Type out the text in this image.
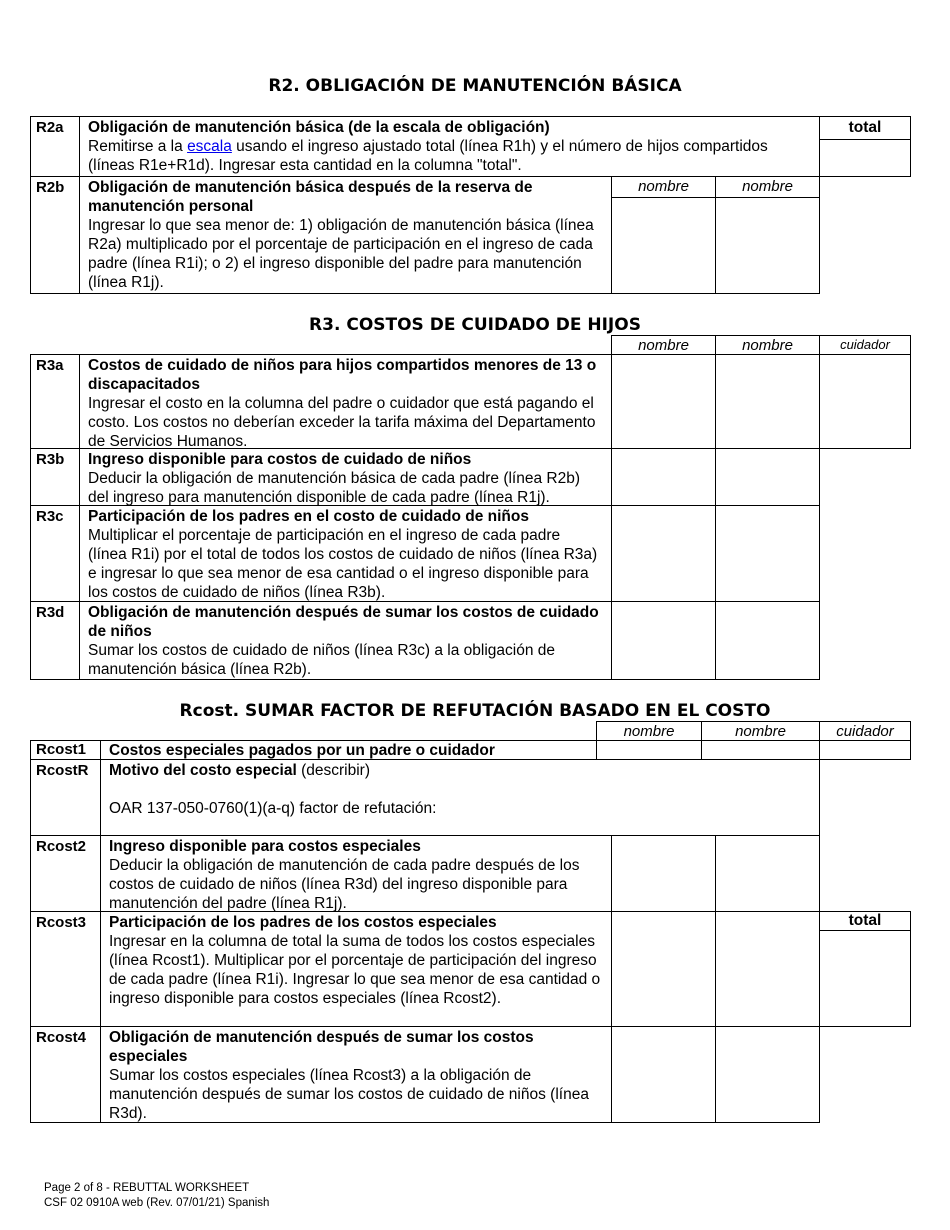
R2. OBLIGACIÓN DE MANUTENCIÓN BÁSICA
R2a	Obligación de manutención básica (de la escala de obligación)
Remitirse a la escala usando el ingreso ajustado total (línea R1h) y el número de hijos compartidos (líneas R1e+R1d). Ingresar esta cantidad en la columna "total".
total
R2b	Obligación de manutención básica después de la reserva de manutención personal
Ingresar lo que sea menor de: 1) obligación de manutención básica (línea R2a) multiplicado por el porcentaje de participación en el ingreso de cada padre (línea R1i); o 2) el ingreso disponible del padre para manutención (línea R1j).
nombre	nombre
R3. COSTOS DE CUIDADO DE HIJOS
nombre	nombre	cuidador
R3a	Costos de cuidado de niños para hijos compartidos menores de 13 o discapacitados
Ingresar el costo en la columna del padre o cuidador que está pagando el costo. Los costos no deberían exceder la tarifa máxima del Departamento de Servicios Humanos.
R3b	Ingreso disponible para costos de cuidado de niños
Deducir la obligación de manutención básica de cada padre (línea R2b) del ingreso para manutención disponible de cada padre (línea R1j).
R3c	Participación de los padres en el costo de cuidado de niños
Multiplicar el porcentaje de participación en el ingreso de cada padre (línea R1i) por el total de todos los costos de cuidado de niños (línea R3a) e ingresar lo que sea menor de esa cantidad o el ingreso disponible para los costos de cuidado de niños (línea R3b).
R3d	Obligación de manutención después de sumar los costos de cuidado de niños
Sumar los costos de cuidado de niños (línea R3c) a la obligación de manutención básica (línea R2b).
Rcost. SUMAR FACTOR DE REFUTACIÓN BASADO EN EL COSTO
nombre	nombre	cuidador
Rcost1	Costos especiales pagados por un padre o cuidador
RcostR	Motivo del costo especial (describir)

OAR 137-050-0760(1)(a-q) factor de refutación:
Rcost2	Ingreso disponible para costos especiales
Deducir la obligación de manutención de cada padre después de los costos de cuidado de niños (línea R3d) del ingreso disponible para manutención del padre (línea R1j).
Rcost3	Participación de los padres de los costos especiales
Ingresar en la columna de total la suma de todos los costos especiales (línea Rcost1). Multiplicar por el porcentaje de participación del ingreso de cada padre (línea R1i). Ingresar lo que sea menor de esa cantidad o ingreso disponible para costos especiales (línea Rcost2).
total
Rcost4	Obligación de manutención después de sumar los costos especiales
Sumar los costos especiales (línea Rcost3) a la obligación de manutención después de sumar los costos de cuidado de niños (línea R3d).
Page 2 of 8 - REBUTTAL WORKSHEET
CSF 02 0910A web (Rev. 07/01/21) Spanish
